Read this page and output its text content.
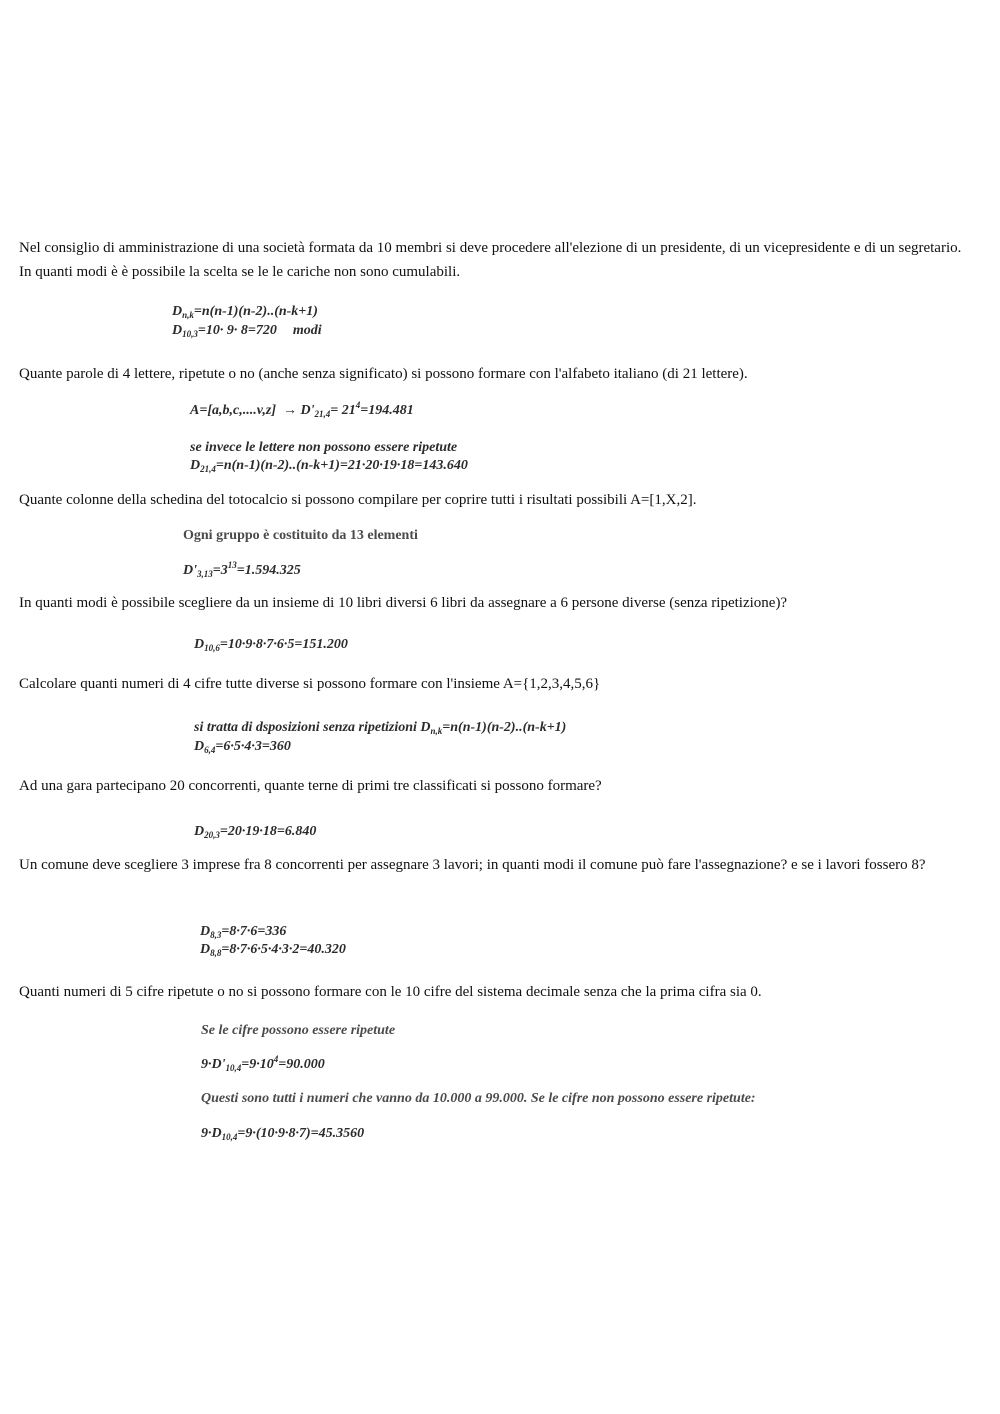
Nel consiglio di amministrazione di una società formata da 10 membri si deve procedere all'elezione di un presidente, di un vicepresidente e di un segretario. In quanti modi è è possibile la scelta se le le cariche non sono cumulabili.

$D_{n,k}=n(n-1)(n-2)..(n-k+1)$
$D_{10,3}=10\cdot 9\cdot 8=720$ modi

Quante parole di 4 lettere, ripetute o no (anche senza significato) si possono formare con l'alfabeto italiano (di 21 lettere).

$A=[a,b,c,....v,z] \to D'_{21,4}= 21^4=194.481$
se invece le lettere non possono essere ripetute
$D_{21,4}=n(n-1)(n-2)..(n-k+1)=21\cdot 20\cdot 19\cdot 18=143.640$

Quante colonne della schedina del totocalcio si possono compilare per coprire tutti i risultati possibili A=[1,X,2].

Ogni gruppo è costituito da 13 elementi
$D'_{3,13}=3^{13}=1.594.325$

In quanti modi è possibile scegliere da un insieme di 10 libri diversi 6 libri da assegnare a 6 persone diverse (senza ripetizione)?

$D_{10,6}=10\cdot 9\cdot 8\cdot 7\cdot 6\cdot 5=151.200$

Calcolare quanti numeri di 4 cifre tutte diverse si possono formare con l'insieme A={1,2,3,4,5,6}

si tratta di dsposizioni senza ripetizioni $D_{n,k}=n(n-1)(n-2)..(n-k+1)$
$D_{6,4}=6\cdot 5\cdot 4\cdot 3=360$

Ad una gara partecipano 20 concorrenti, quante terne di primi tre classificati si possono formare?

$D_{20,3}=20\cdot 19\cdot 18=6.840$

Un comune deve scegliere 3 imprese fra 8 concorrenti per assegnare 3 lavori; in quanti modi il comune può fare l'assegnazione? e se i lavori fossero 8?

$D_{8,3}=8\cdot 7\cdot 6=336$
$D_{8,8}=8\cdot 7\cdot 6\cdot 5\cdot 4\cdot 3\cdot 2=40.320$

Quanti numeri di 5 cifre ripetute o no si possono formare con le 10 cifre del sistema decimale senza che la prima cifra sia 0.

Se le cifre possono essere ripetute
$9\cdot D'_{10,4}=9\cdot 10^4=90.000$
Questi sono tutti i numeri che vanno da 10.000 a 99.000. Se le cifre non possono essere ripetute:
$9\cdot D_{10,4}=9\cdot(10\cdot 9\cdot 8\cdot 7)=45.3560$
